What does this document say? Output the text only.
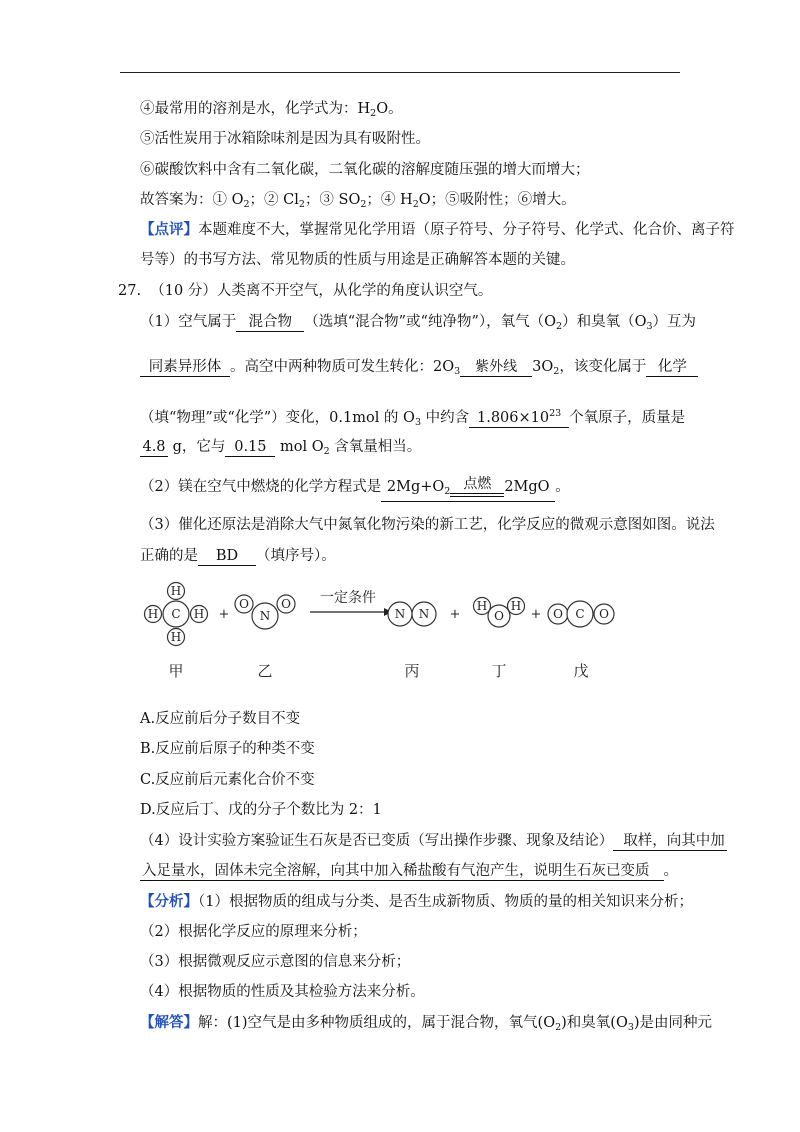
④最常用的溶剂是水，化学式为：$H_2O$。
⑤活性炭用于冰箱除味剂是因为具有吸附性。
⑥碳酸饮料中含有二氧化碳，二氧化碳的溶解度随压强的增大而增大；
故答案为：① $O_2$；② $Cl_2$；③ $SO_2$；④ $H_2O$；⑤吸附性；⑥增大。
【点评】本题难度不大，掌握常见化学用语（原子符号、分子符号、化学式、化合价、离子符
号等）的书写方法、常见物质的性质与用途是正确解答本题的关键。
27. （10 分）人类离不开空气，从化学的角度认识空气。
（1）空气属于 混合物 （选填“混合物”或“纯净物”），氧气$(O_2)$和臭氧$(O_3)$互为
同素异形体 。高空中两种物质可发生转化：$2O_3$	紫外线	$3O_2$，该变化属于 化学
（填“物理”或“化学”）变化，0.1mol 的 $O_3$ 中约含 $1.806\times 10^{23}$ 个氧原子，质量是
4.8 g，它与 0.15 mol $O_2$ 含氧量相当。
（2）镁在空气中燃烧的化学方程式是 $2Mg+O_2$ 点燃 2MgO 。
（3）催化还原法是消除大气中氮氧化物污染的新工艺，化学反应的微观示意图如图。说法
正确的是 BD （填序号）。
C
H
H	H
H
+
O	O
N
一定条件
N N +
H H
O + O C O
甲	乙	丙	丁	戊
A.反应前后分子数目不变
B.反应前后原子的种类不变
C.反应前后元素化合价不变
D.反应后丁、戊的分子个数比为 2：1
（4）设计实验方案验证生石灰是否已变质（写出操作步骤、现象及结论） 取样，向其中加
入足量水，固体未完全溶解，向其中加入稀盐酸有气泡产生，说明生石灰已变质 。
【分析】（1）根据物质的组成与分类、是否生成新物质、物质的量的相关知识来分析；
（2）根据化学反应的原理来分析；
（3）根据微观反应示意图的信息来分析；
（4）根据物质的性质及其检验方法来分析。
【解答】解：(1)空气是由多种物质组成的，属于混合物，氧气$(O_2)$和臭氧$(O_3)$是由同种元
